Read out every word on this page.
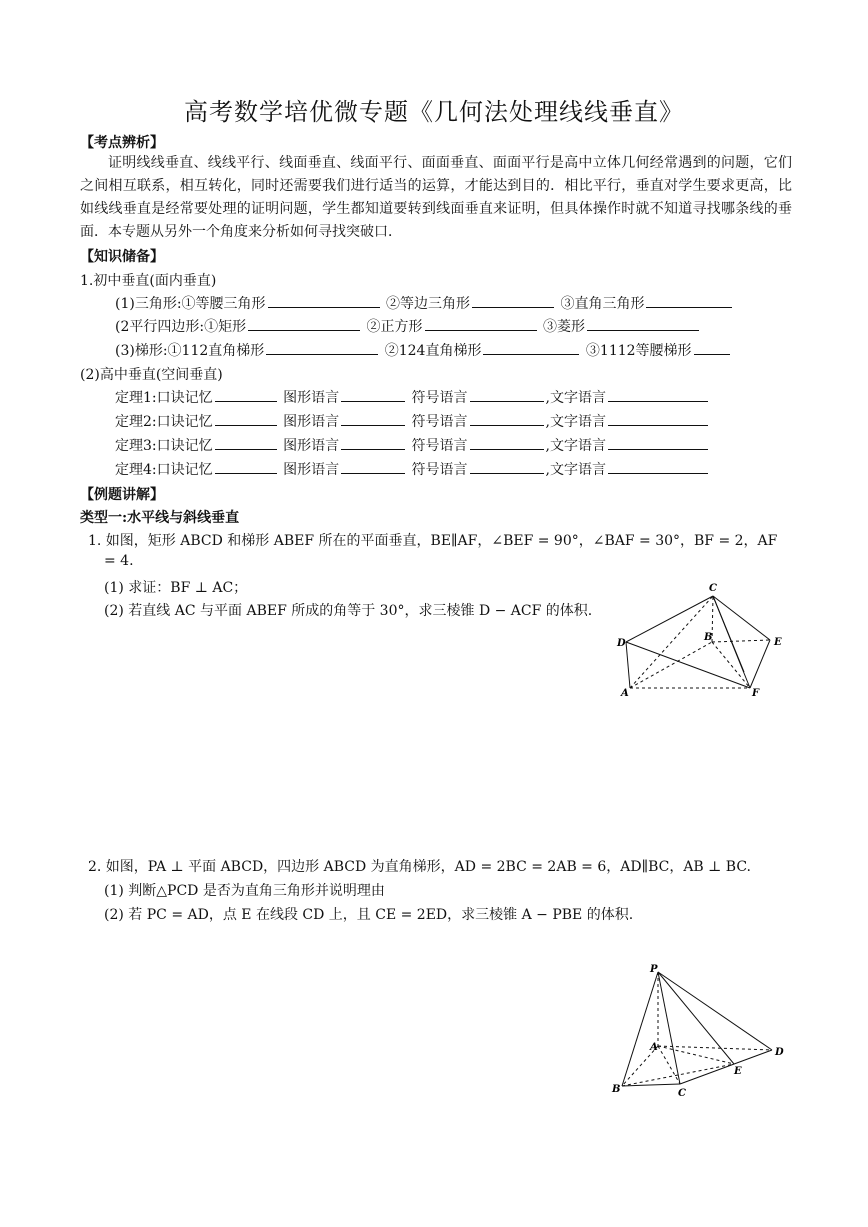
高考数学培优微专题《几何法处理线线垂直》
【考点辨析】
证明线线垂直、线线平行、线面垂直、线面平行、面面垂直、面面平行是高中立体几何经常遇到的问题，它们之间相互联系，相互转化，同时还需要我们进行适当的运算，才能达到目的．相比平行，垂直对学生要求更高，比如线线垂直是经常要处理的证明问题，学生都知道要转到线面垂直来证明，但具体操作时就不知道寻找哪条线的垂面．本专题从另外一个角度来分析如何寻找突破口．
【知识储备】
1.初中垂直(面内垂直)
(1)三角形:①等腰三角形	②等边三角形	③直角三角形
(2平行四边形:①矩形	②正方形	③菱形
(3)梯形:①112直角梯形	②124直角梯形	③1112等腰梯形
(2)高中垂直(空间垂直)
定理1:口诀记忆	图形语言	符号语言	,文字语言
定理2:口诀记忆	图形语言	符号语言	,文字语言
定理3:口诀记忆	图形语言	符号语言	,文字语言
定理4:口诀记忆	图形语言	符号语言	,文字语言
【例题讲解】
类型一:水平线与斜线垂直
1. 如图，矩形 ABCD 和梯形 ABEF 所在的平面垂直，BE∥AF，∠BEF = 90°，∠BAF = 30°，BF = 2，AF
= 4.
(1) 求证：BF ⊥ AC；
(2) 若直线 AC 与平面 ABEF 所成的角等于 30°，求三棱锥 D − ACF 的体积.
C
D
B	E
A	F
2. 如图，PA ⊥ 平面 ABCD，四边形 ABCD 为直角梯形，AD = 2BC = 2AB = 6，AD∥BC，AB ⊥ BC.
(1) 判断△PCD 是否为直角三角形并说明理由
(2) 若 PC = AD，点 E 在线段 CD 上，且 CE = 2ED，求三棱锥 A − PBE 的体积.
P
A	D
E
B	C
